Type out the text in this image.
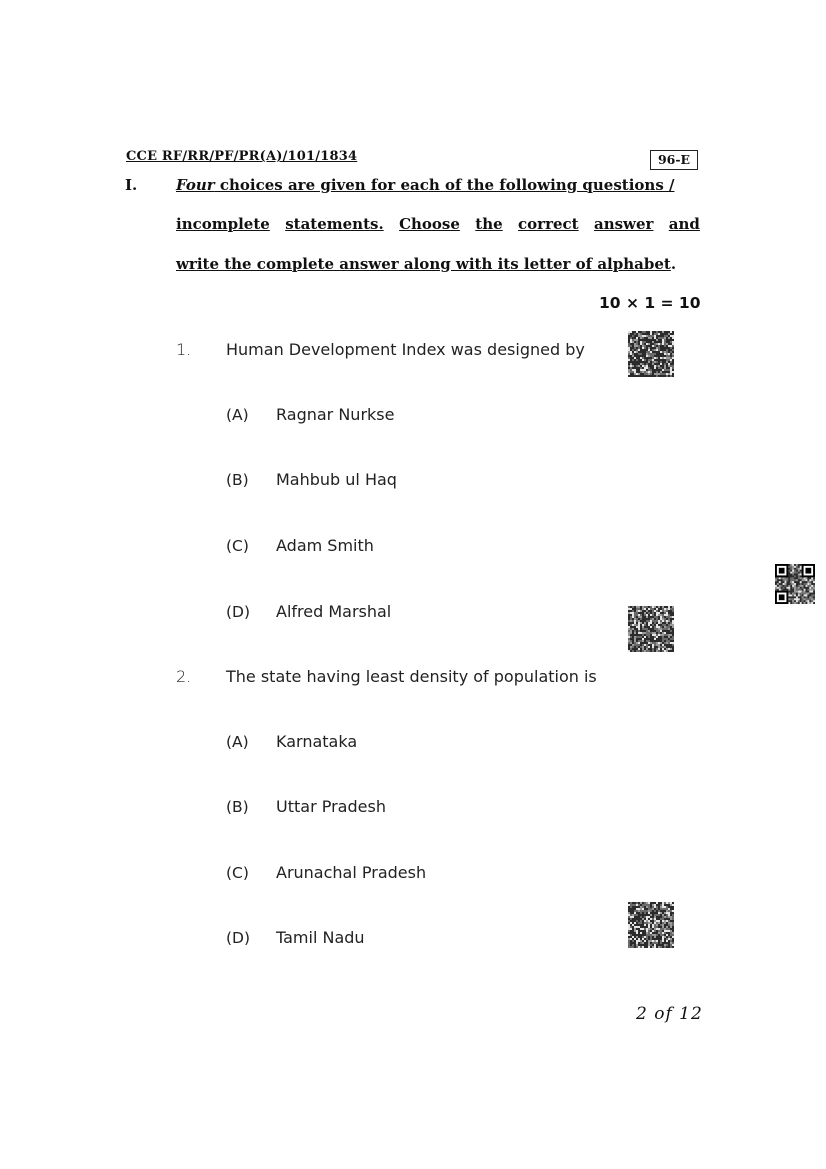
CCE RF/RR/PF/PR(A)/101/1834	96-E
I.	Four choices are given for each of the following questions /
incomplete statements. Choose the correct answer and
write the complete answer along with its letter of alphabet.
10 × 1 = 10
1. Human Development Index was designed by
(A) Ragnar Nurkse
(B) Mahbub ul Haq
(C) Adam Smith
(D) Alfred Marshal
2. The state having least density of population is
(A) Karnataka
(B) Uttar Pradesh
(C) Arunachal Pradesh
(D) Tamil Nadu
2 of 12
